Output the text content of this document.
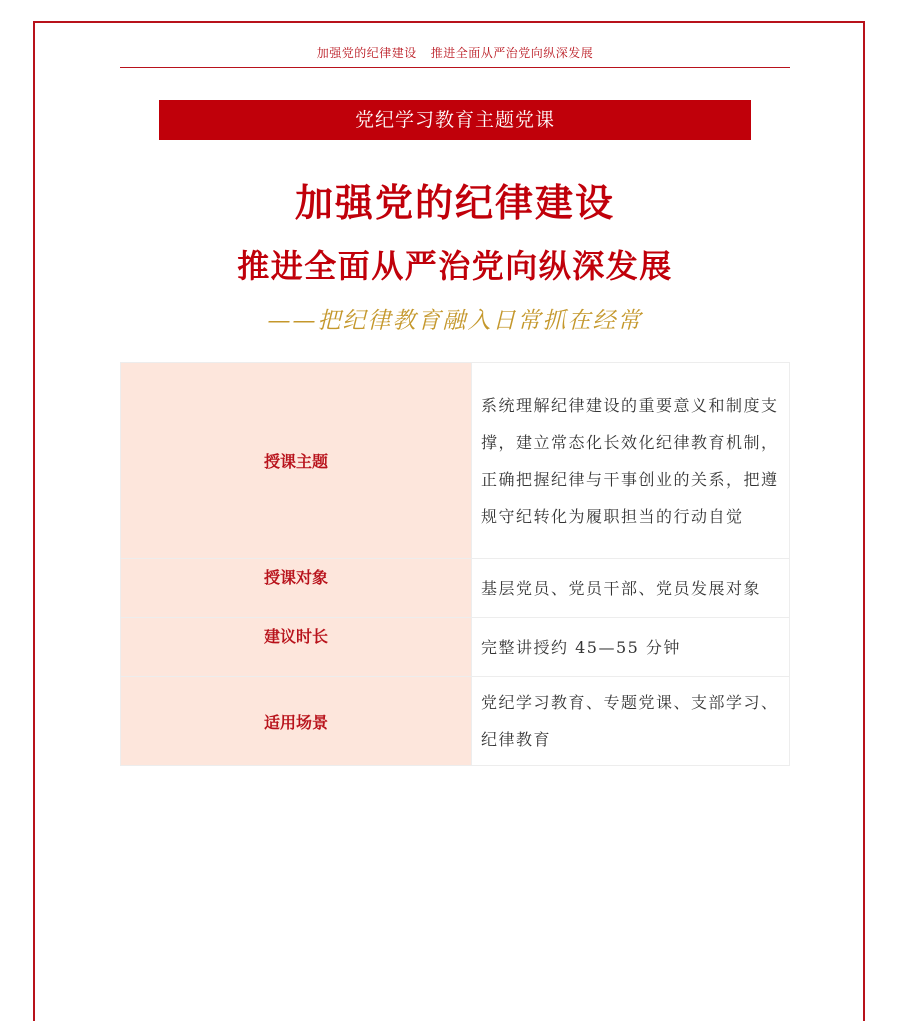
加强党的纪律建设 推进全面从严治党向纵深发展
党纪学习教育主题党课
加强党的纪律建设
推进全面从严治党向纵深发展
——把纪律教育融入日常抓在经常
授课主题	系统理解纪律建设的重要意义和制度支撑，建立常态化长效化纪律教育机制，正确把握纪律与干事创业的关系，把遵规守纪转化为履职担当的行动自觉
授课对象	基层党员、党员干部、党员发展对象
建议时长	完整讲授约 45—55 分钟
适用场景	党纪学习教育、专题党课、支部学习、纪律教育
